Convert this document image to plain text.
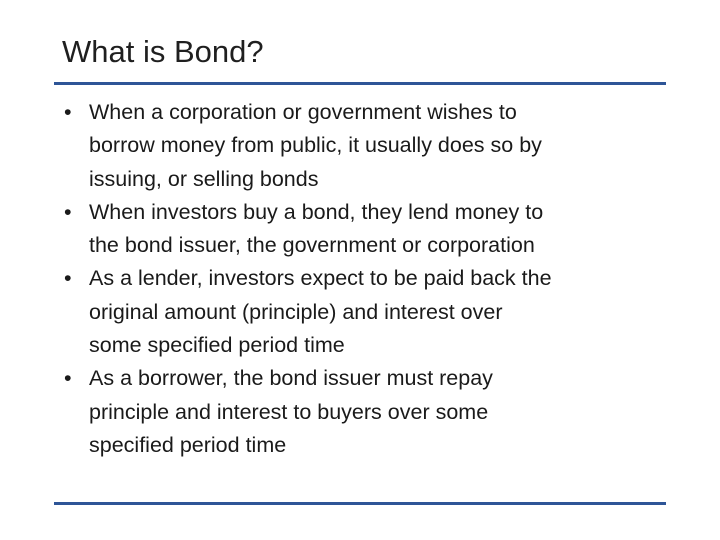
What is Bond?
• When a corporation or government wishes to
borrow money from public, it usually does so by
issuing, or selling bonds
• When investors buy a bond, they lend money to
the bond issuer, the government or corporation
• As a lender, investors expect to be paid back the
original amount (principle) and interest over
some specified period time
• As a borrower, the bond issuer must repay
principle and interest to buyers over some
specified period time
